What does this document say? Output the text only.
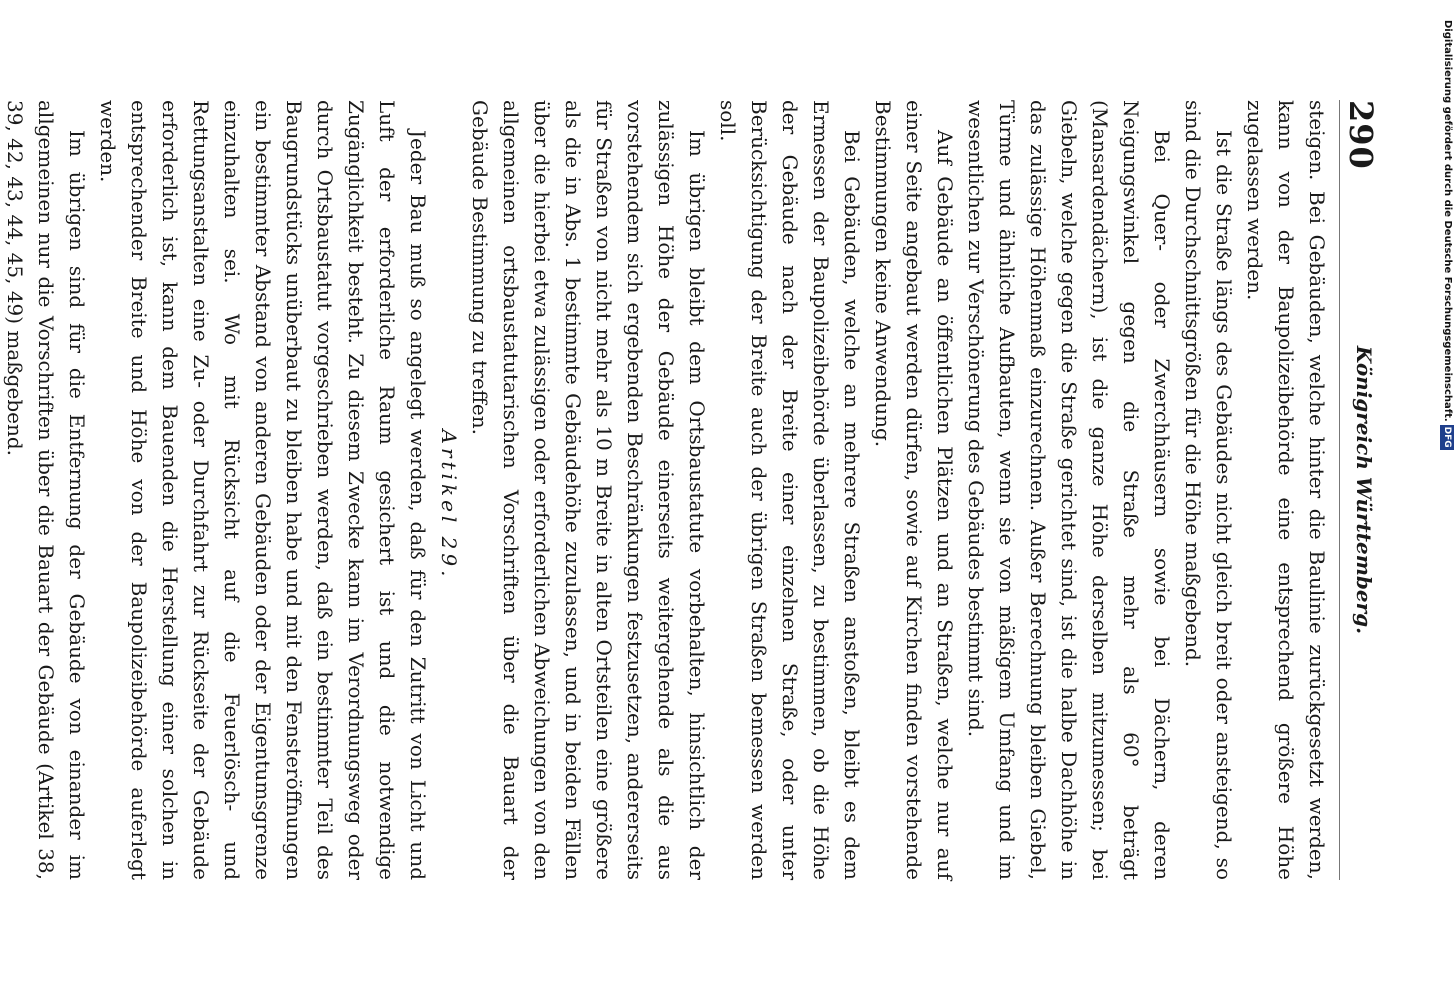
290
Königreich Württemberg.

steigen. Bei Gebäuden, welche hinter die Baulinie zurückgesetzt werden, kann von der Baupolizeibehörde eine entsprechend größere Höhe zugelassen werden.

Ist die Straße längs des Gebäudes nicht gleich breit oder ansteigend, so sind die Durchschnittsgrößen für die Höhe maßgebend.

Bei Quer- oder Zwerchhäusern sowie bei Dächern, deren Neigungswinkel gegen die Straße mehr als 60° beträgt (Mansardendächern), ist die ganze Höhe derselben mitzumessen; bei Giebeln, welche gegen die Straße gerichtet sind, ist die halbe Dachhöhe in das zulässige Höhenmaß einzurechnen. Außer Berechnung bleiben Giebel, Türme und ähnliche Aufbauten, wenn sie von mäßigem Umfang und im wesentlichen zur Verschönerung des Gebäudes bestimmt sind.

Auf Gebäude an öffentlichen Plätzen und an Straßen, welche nur auf einer Seite angebaut werden dürfen, sowie auf Kirchen finden vorstehende Bestimmungen keine Anwendung.

Bei Gebäuden, welche an mehrere Straßen anstoßen, bleibt es dem Ermessen der Baupolizeibehörde überlassen, zu bestimmen, ob die Höhe der Gebäude nach der Breite einer einzelnen Straße, oder unter Berücksichtigung der Breite auch der übrigen Straßen bemessen werden soll.

Im übrigen bleibt dem Ortsbaustatute vorbehalten, hinsichtlich der zulässigen Höhe der Gebäude einerseits weitergehende als die aus vorstehendem sich ergebenden Beschränkungen festzusetzen, andererseits für Straßen von nicht mehr als 10 m Breite in alten Ortsteilen eine größere als die in Abs. 1 bestimmte Gebäudehöhe zuzulassen, und in beiden Fällen über die hierbei etwa zulässigen oder erforderlichen Abweichungen von den allgemeinen ortsbaustatutarischen Vorschriften über die Bauart der Gebäude Bestimmung zu treffen.

Artikel 29.

Jeder Bau muß so angelegt werden, daß für den Zutritt von Licht und Luft der erforderliche Raum gesichert ist und die notwendige Zugänglichkeit besteht. Zu diesem Zwecke kann im Verordnungsweg oder durch Ortsbaustatut vorgeschrieben werden, daß ein bestimmter Teil des Baugrundstücks unüberbaut zu bleiben habe und mit den Fensteröffnungen ein bestimmter Abstand von anderen Gebäuden oder der Eigentumsgrenze einzuhalten sei. Wo mit Rücksicht auf die Feuerlösch- und Rettungsanstalten eine Zu- oder Durchfahrt zur Rückseite der Gebäude erforderlich ist, kann dem Bauenden die Herstellung einer solchen in entsprechender Breite und Höhe von der Baupolizeibehörde auferlegt werden.

Im übrigen sind für die Entfernung der Gebäude von einander im allgemeinen nur die Vorschriften über die Bauart der Gebäude (Artikel 38, 39, 42, 43, 44, 45, 49) maßgebend.	Digitalisierung gefördert durch die Deutsche Forschungsgemeinschaft.DFG
